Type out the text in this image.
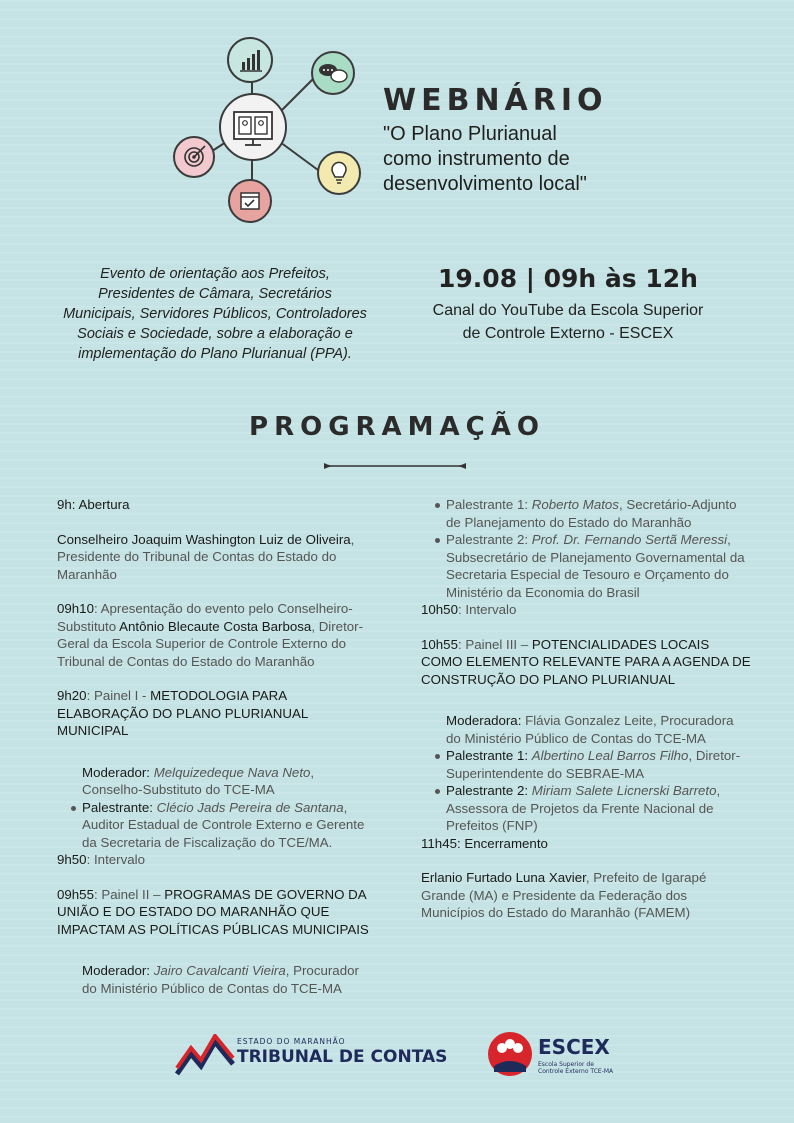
WEBNÁRIO
"O Plano Plurianual
como instrumento de
desenvolvimento local"
Evento de orientação aos Prefeitos,
Presidentes de Câmara, Secretários
Municipais, Servidores Públicos, Controladores
Sociais e Sociedade, sobre a elaboração e
implementação do Plano Plurianual (PPA).
19.08 | 09h às 12h
Canal do YouTube da Escola Superior
de Controle Externo - ESCEX
PROGRAMAÇÃO

9h: Abertura

Conselheiro Joaquim Washington Luiz de Oliveira, Presidente do Tribunal de Contas do Estado do Maranhão

09h10: Apresentação do evento pelo Conselheiro-Substituto Antônio Blecaute Costa Barbosa, Diretor-Geral da Escola Superior de Controle Externo do Tribunal de Contas do Estado do Maranhão

9h20: Painel I - METODOLOGIA PARA ELABORAÇÃO DO PLANO PLURIANUAL MUNICIPAL

Moderador: Melquizedeque Nava Neto, Conselho-Substituto do TCE-MA
Palestrante: Clécio Jads Pereira de Santana, Auditor Estadual de Controle Externo e Gerente da Secretaria de Fiscalização do TCE/MA.

9h50: Intervalo

09h55: Painel II – PROGRAMAS DE GOVERNO DA UNIÃO E DO ESTADO DO MARANHÃO QUE IMPACTAM AS POLÍTICAS PÚBLICAS MUNICIPAIS

Moderador: Jairo Cavalcanti Vieira, Procurador do Ministério Público de Contas do TCE-MA
Palestrante 1: Roberto Matos, Secretário-Adjunto de Planejamento do Estado do Maranhão
Palestrante 2: Prof. Dr. Fernando Sertã Meressi, Subsecretário de Planejamento Governamental da Secretaria Especial de Tesouro e Orçamento do Ministério da Economia do Brasil

10h50: Intervalo

10h55: Painel III – POTENCIALIDADES LOCAIS COMO ELEMENTO RELEVANTE PARA A AGENDA DE CONSTRUÇÃO DO PLANO PLURIANUAL

Moderadora: Flávia Gonzalez Leite, Procuradora do Ministério Público de Contas do TCE-MA
Palestrante 1: Albertino Leal Barros Filho, Diretor-Superintendente do SEBRAE-MA
Palestrante 2: Miriam Salete Licnerski Barreto, Assessora de Projetos da Frente Nacional de Prefeitos (FNP)

11h45: Encerramento

Erlanio Furtado Luna Xavier, Prefeito de Igarapé Grande (MA) e Presidente da Federação dos Municípios do Estado do Maranhão (FAMEM)

ESTADO DO MARANHÃO
TRIBUNAL DE CONTAS	ESCEX
Escola Superior de Controle Externo TCE-MA
